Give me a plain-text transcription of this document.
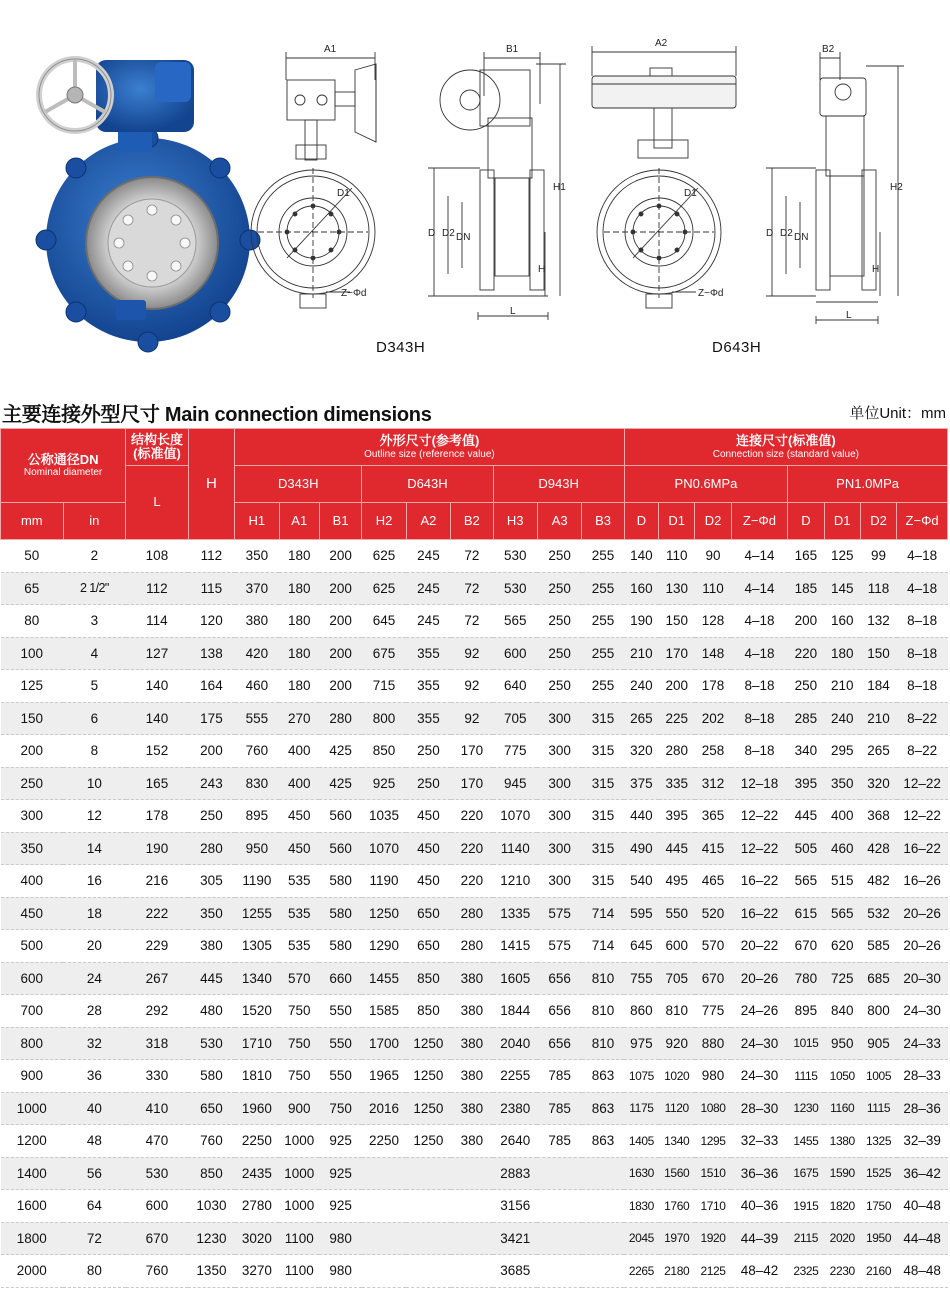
A1	B1
A2
B2
D1	D1
Z−Φd	Z−Φd
D D2 DN	D D2 DN
H	H
H1	H2
L	L
D343H	D643H
主要连接外型尺寸 Main connection dimensions	单位Unit：mm
公称通径DN
Nominal diameter		结构长度
(标准值)	H	外形尺寸(参考值)
Outline size (reference value)									连接尺寸(标准值)
Connection size (standard value)							

		L		D343H			D643H			D943H			PN0.6MPa				PN1.0MPa			
mm	in			H1	A1	B1	H2	A2	B2	H3	A3	B3	D	D1	D2	Z−Φd	D	D1	D2	Z−Φd
50	2	108	112	350	180	200	625	245	72	530	250	255	140	110	90	4–14	165	125	99	4–18
65	2 1/2"	112	115	370	180	200	625	245	72	530	250	255	160	130	110	4–14	185	145	118	4–18
80	3	114	120	380	180	200	645	245	72	565	250	255	190	150	128	4–18	200	160	132	8–18
100	4	127	138	420	180	200	675	355	92	600	250	255	210	170	148	4–18	220	180	150	8–18
125	5	140	164	460	180	200	715	355	92	640	250	255	240	200	178	8–18	250	210	184	8–18
150	6	140	175	555	270	280	800	355	92	705	300	315	265	225	202	8–18	285	240	210	8–22
200	8	152	200	760	400	425	850	250	170	775	300	315	320	280	258	8–18	340	295	265	8–22
250	10	165	243	830	400	425	925	250	170	945	300	315	375	335	312	12–18	395	350	320	12–22
300	12	178	250	895	450	560	1035	450	220	1070	300	315	440	395	365	12–22	445	400	368	12–22
350	14	190	280	950	450	560	1070	450	220	1140	300	315	490	445	415	12–22	505	460	428	16–22
400	16	216	305	1190	535	580	1190	450	220	1210	300	315	540	495	465	16–22	565	515	482	16–26
450	18	222	350	1255	535	580	1250	650	280	1335	575	714	595	550	520	16–22	615	565	532	20–26
500	20	229	380	1305	535	580	1290	650	280	1415	575	714	645	600	570	20–22	670	620	585	20–26
600	24	267	445	1340	570	660	1455	850	380	1605	656	810	755	705	670	20–26	780	725	685	20–30
700	28	292	480	1520	750	550	1585	850	380	1844	656	810	860	810	775	24–26	895	840	800	24–30
800	32	318	530	1710	750	550	1700	1250	380	2040	656	810	975	920	880	24–30	1015	950	905	24–33
900	36	330	580	1810	750	550	1965	1250	380	2255	785	863	1075	1020	980	24–30	1115	1050	1005	28–33
1000	40	410	650	1960	900	750	2016	1250	380	2380	785	863	1175	1120	1080	28–30	1230	1160	1115	28–36
1200	48	470	760	2250	1000	925	2250	1250	380	2640	785	863	1405	1340	1295	32–33	1455	1380	1325	32–39
1400	56	530	850	2435	1000	925				2883			1630	1560	1510	36–36	1675	1590	1525	36–42
1600	64	600	1030	2780	1000	925				3156			1830	1760	1710	40–36	1915	1820	1750	40–48
1800	72	670	1230	3020	1100	980				3421			2045	1970	1920	44–39	2115	2020	1950	44–48
2000	80	760	1350	3270	1100	980				3685			2265	2180	2125	48–42	2325	2230	2160	48–48
